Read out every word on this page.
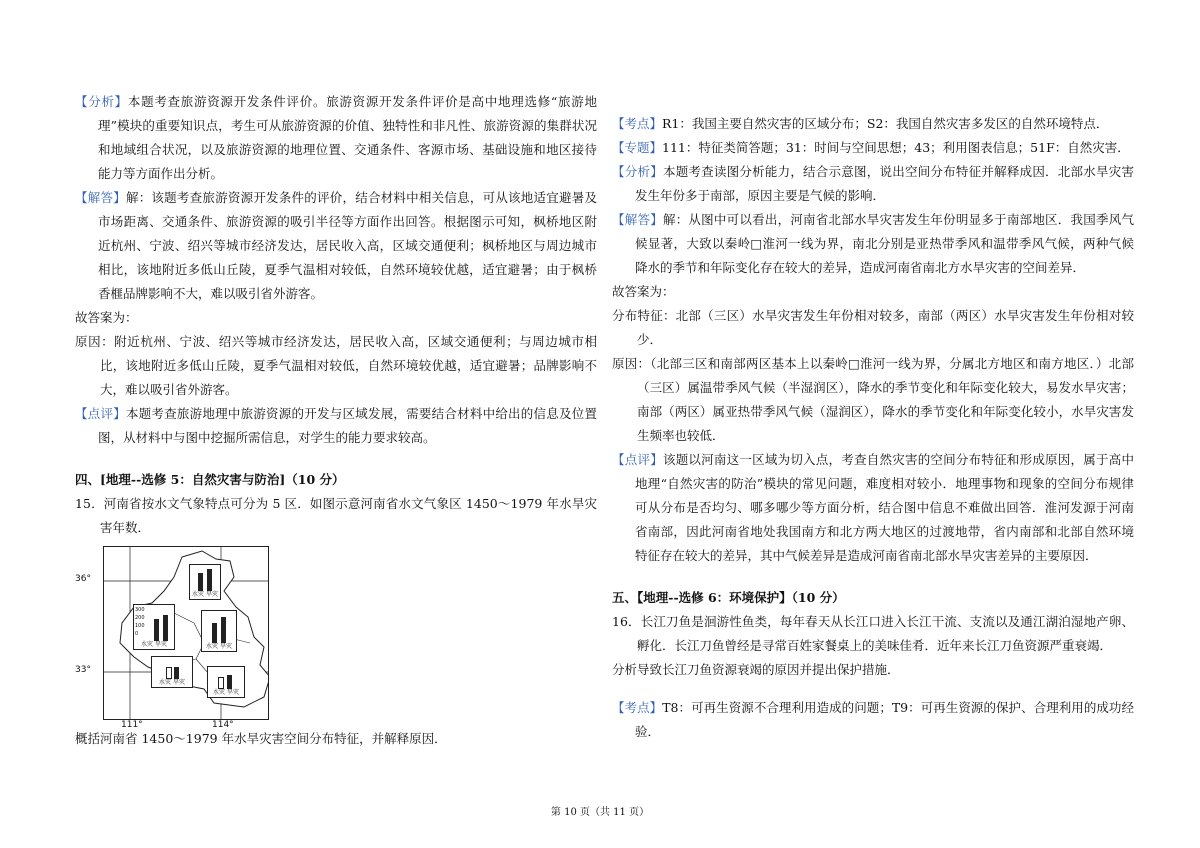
【分析】本题考查旅游资源开发条件评价。旅游资源开发条件评价是高中地理选修“旅游地理”模块的重要知识点，考生可从旅游资源的价值、独特性和非凡性、旅游资源的集群状况和地域组合状况，以及旅游资源的地理位置、交通条件、客源市场、基础设施和地区接待能力等方面作出分析。

【解答】解：该题考查旅游资源开发条件的评价，结合材料中相关信息，可从该地适宜避暑及市场距离、交通条件、旅游资源的吸引半径等方面作出回答。根据图示可知，枫桥地区附近杭州、宁波、绍兴等城市经济发达，居民收入高，区域交通便利；枫桥地区与周边城市相比，该地附近多低山丘陵，夏季气温相对较低，自然环境较优越，适宜避暑；由于枫桥香榧品牌影响不大，难以吸引省外游客。

故答案为：

原因：附近杭州、宁波、绍兴等城市经济发达，居民收入高，区域交通便利；与周边城市相比，该地附近多低山丘陵，夏季气温相对较低，自然环境较优越，适宜避暑；品牌影响不大，难以吸引省外游客。

【点评】本题考查旅游地理中旅游资源的开发与区域发展，需要结合材料中给出的信息及位置图，从材料中与图中挖掘所需信息，对学生的能力要求较高。

四、[地理--选修 5：自然灾害与防治]（10 分）

15．河南省按水文气象特点可分为 5 区．如图示意河南省水文气象区 1450～1979 年水旱灾害年数．

36°
33°
111°	114°
水灾 旱灾
300
200
100
0
水灾 旱灾	水灾 旱灾
水灾 旱灾
水灾 旱灾

概括河南省 1450～1979 年水旱灾害空间分布特征，并解释原因．

【考点】R1：我国主要自然灾害的区域分布；S2：我国自然灾害多发区的自然环境特点．

【专题】111：特征类简答题；31：时间与空间思想；43；利用图表信息；51F：自然灾害．

【分析】本题考查读图分析能力，结合示意图，说出空间分布特征并解释成因．北部水旱灾害发生年份多于南部，原因主要是气候的影响．

【解答】解：从图中可以看出，河南省北部水旱灾害发生年份明显多于南部地区．我国季风气候显著，大致以秦岭□淮河一线为界，南北分别是亚热带季风和温带季风气候，两种气候降水的季节和年际变化存在较大的差异，造成河南省南北方水旱灾害的空间差异．

故答案为：

分布特征：北部（三区）水旱灾害发生年份相对较多，南部（两区）水旱灾害发生年份相对较少．

原因：（北部三区和南部两区基本上以秦岭□淮河一线为界，分属北方地区和南方地区．）北部（三区）属温带季风气候（半湿润区），降水的季节变化和年际变化较大，易发水旱灾害；南部（两区）属亚热带季风气候（湿润区），降水的季节变化和年际变化较小，水旱灾害发生频率也较低．

【点评】该题以河南这一区域为切入点，考查自然灾害的空间分布特征和形成原因，属于高中地理“自然灾害的防治”模块的常见问题，难度相对较小．地理事物和现象的空间分布规律可从分布是否均匀、哪多哪少等方面分析，结合图中信息不难做出回答．淮河发源于河南省南部，因此河南省地处我国南方和北方两大地区的过渡地带，省内南部和北部自然环境特征存在较大的差异，其中气候差异是造成河南省南北部水旱灾害差异的主要原因．

五、【地理--选修 6：环境保护】（10 分）

16．长江刀鱼是洄游性鱼类，每年春天从长江口进入长江干流、支流以及通江湖泊湿地产卵、孵化．长江刀鱼曾经是寻常百姓家餐桌上的美味佳肴．近年来长江刀鱼资源严重衰竭．

分析导致长江刀鱼资源衰竭的原因并提出保护措施．

【考点】T8：可再生资源不合理利用造成的问题；T9：可再生资源的保护、合理利用的成功经验．

第 10 页（共 11 页）
